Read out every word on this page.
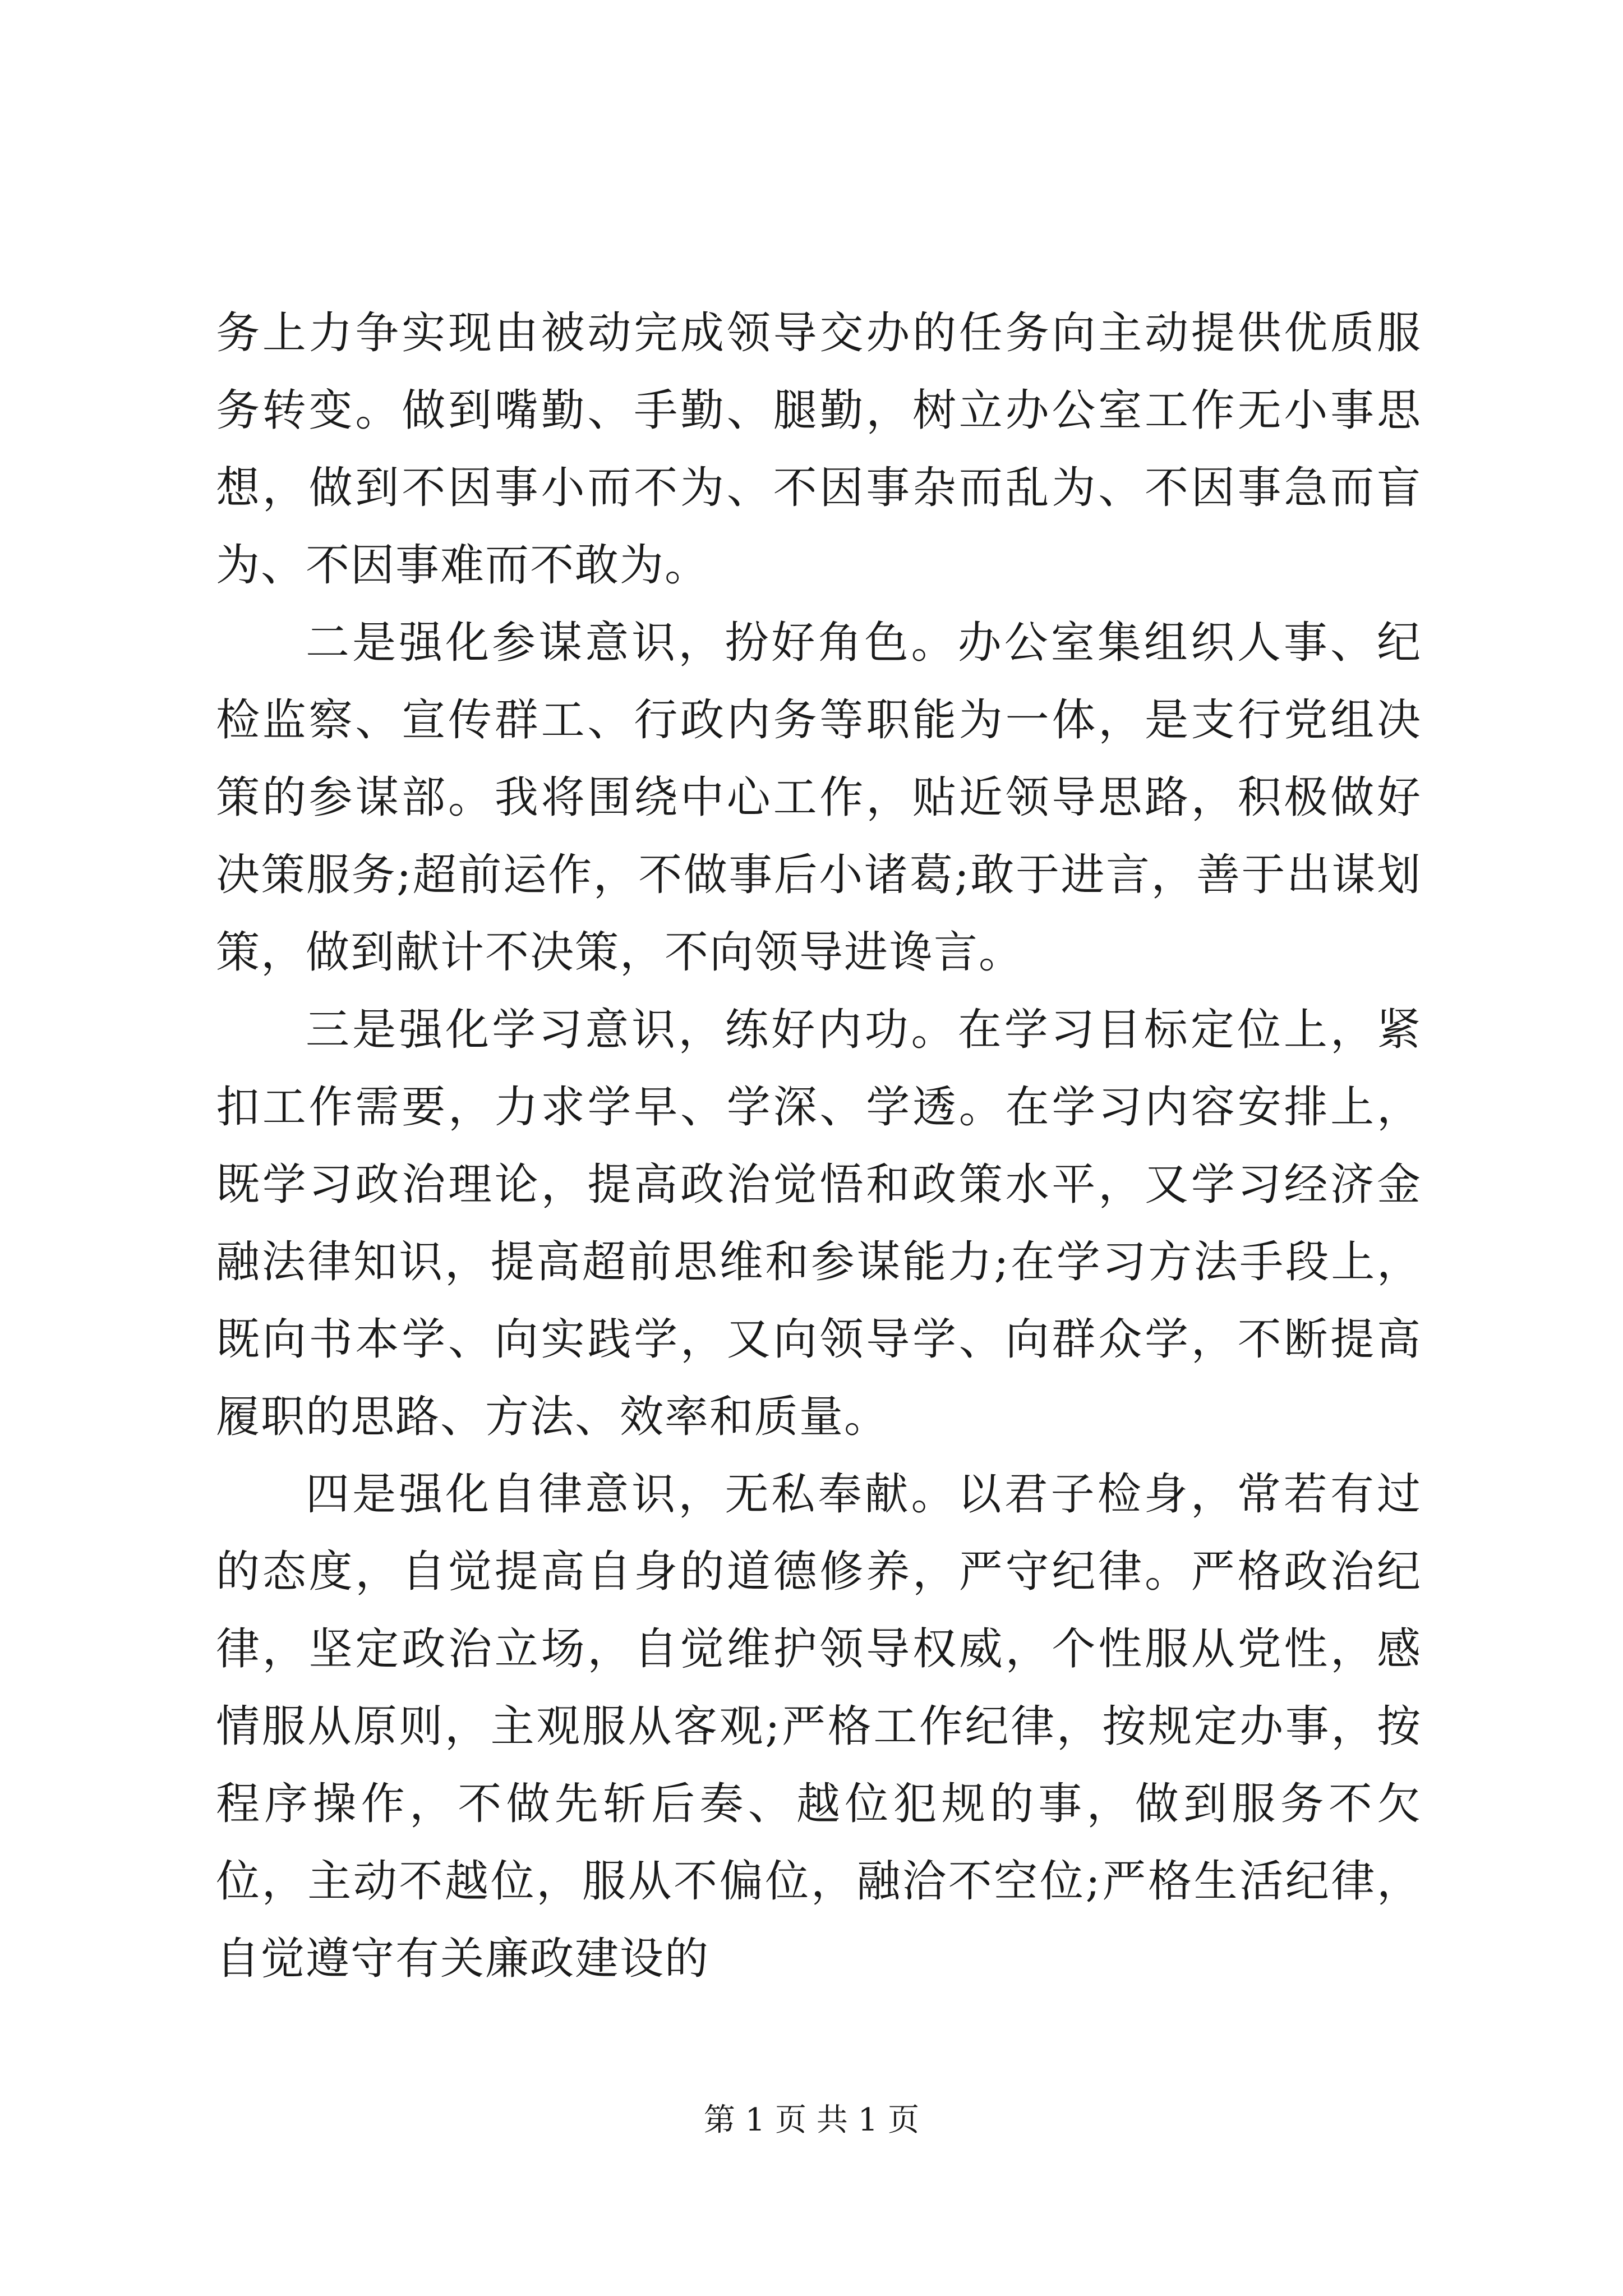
务上力争实现由被动完成领导交办的任务向主动提供优质服务转变。做到嘴勤、手勤、腿勤，树立办公室工作无小事思想，做到不因事小而不为、不因事杂而乱为、不因事急而盲为、不因事难而不敢为。

二是强化参谋意识，扮好角色。办公室集组织人事、纪检监察、宣传群工、行政内务等职能为一体，是支行党组决策的参谋部。我将围绕中心工作，贴近领导思路，积极做好决策服务;超前运作，不做事后小诸葛;敢于进言，善于出谋划策，做到献计不决策，不向领导进谗言。

三是强化学习意识，练好内功。在学习目标定位上，紧扣工作需要，力求学早、学深、学透。在学习内容安排上，既学习政治理论，提高政治觉悟和政策水平，又学习经济金融法律知识，提高超前思维和参谋能力;在学习方法手段上，既向书本学、向实践学，又向领导学、向群众学，不断提高履职的思路、方法、效率和质量。

四是强化自律意识，无私奉献。以君子检身，常若有过的态度，自觉提高自身的道德修养，严守纪律。严格政治纪律，坚定政治立场，自觉维护领导权威，个性服从党性，感情服从原则，主观服从客观;严格工作纪律，按规定办事，按程序操作，不做先斩后奏、越位犯规的事，做到服务不欠位，主动不越位，服从不偏位，融洽不空位;严格生活纪律，自觉遵守有关廉政建设的

第 1 页 共 1 页
